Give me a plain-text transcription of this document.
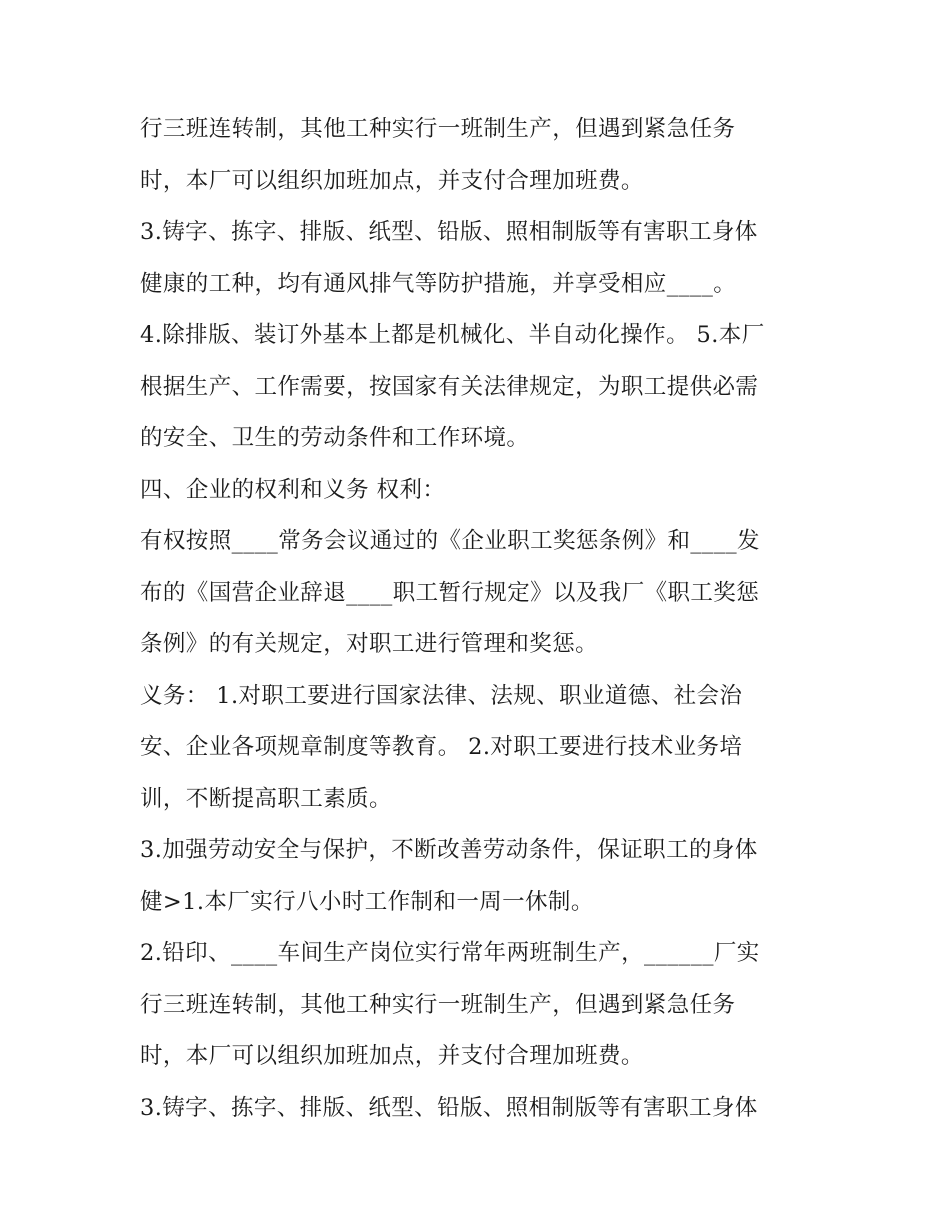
行三班连转制，其他工种实行一班制生产，但遇到紧急任务
时，本厂可以组织加班加点，并支付合理加班费。
3.铸字、拣字、排版、纸型、铅版、照相制版等有害职工身体
健康的工种，均有通风排气等防护措施，并享受相应____。
4.除排版、装订外基本上都是机械化、半自动化操作。 5.本厂
根据生产、工作需要，按国家有关法律规定，为职工提供必需
的安全、卫生的劳动条件和工作环境。
四、企业的权利和义务 权利：
有权按照____常务会议通过的《企业职工奖惩条例》和____发
布的《国营企业辞退____职工暂行规定》以及我厂《职工奖惩
条例》的有关规定，对职工进行管理和奖惩。
义务： 1.对职工要进行国家法律、法规、职业道德、社会治
安、企业各项规章制度等教育。 2.对职工要进行技术业务培
训，不断提高职工素质。
3.加强劳动安全与保护，不断改善劳动条件，保证职工的身体
健>1.本厂实行八小时工作制和一周一休制。
2.铅印、____车间生产岗位实行常年两班制生产，______厂实
行三班连转制，其他工种实行一班制生产，但遇到紧急任务
时，本厂可以组织加班加点，并支付合理加班费。
3.铸字、拣字、排版、纸型、铅版、照相制版等有害职工身体
